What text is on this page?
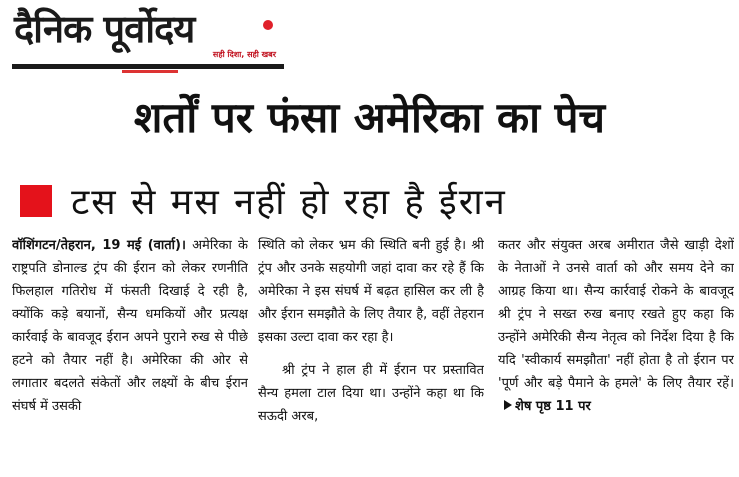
दैनिक पूर्वोदय
सही दिशा, सही खबर
शर्तों पर फंसा अमेरिका का पेच
टस से मस नहीं हो रहा है ईरान

वॉशिंगटन/तेहरान, 19 मई (वार्ता)। अमेरिका के राष्ट्रपति डोनाल्ड ट्रंप की ईरान को लेकर रणनीति फिलहाल गतिरोध में फंसती दिखाई दे रही है, क्योंकि कड़े बयानों, सैन्य धमकियों और प्रत्यक्ष कार्रवाई के बावजूद ईरान अपने पुराने रुख से पीछे हटने को तैयार नहीं है। अमेरिका की ओर से लगातार बदलते संकेतों और लक्ष्यों के बीच ईरान संघर्ष में उसकी

स्थिति को लेकर भ्रम की स्थिति बनी हुई है। श्री ट्रंप और उनके सहयोगी जहां दावा कर रहे हैं कि अमेरिका ने इस संघर्ष में बढ़त हासिल कर ली है और ईरान समझौते के लिए तैयार है, वहीं तेहरान इसका उल्टा दावा कर रहा है।

श्री ट्रंप ने हाल ही में ईरान पर प्रस्तावित सैन्य हमला टाल दिया था। उन्होंने कहा था कि सऊदी अरब,

कतर और संयुक्त अरब अमीरात जैसे खाड़ी देशों के नेताओं ने उनसे वार्ता को और समय देने का आग्रह किया था। सैन्य कार्रवाई रोकने के बावजूद श्री ट्रंप ने सख्त रुख बनाए रखते हुए कहा कि उन्होंने अमेरिकी सैन्य नेतृत्व को निर्देश दिया है कि यदि 'स्वीकार्य समझौता' नहीं होता है तो ईरान पर 'पूर्ण और बड़े पैमाने के हमले' के लिए तैयार रहें। शेष पृष्ठ 11 पर
